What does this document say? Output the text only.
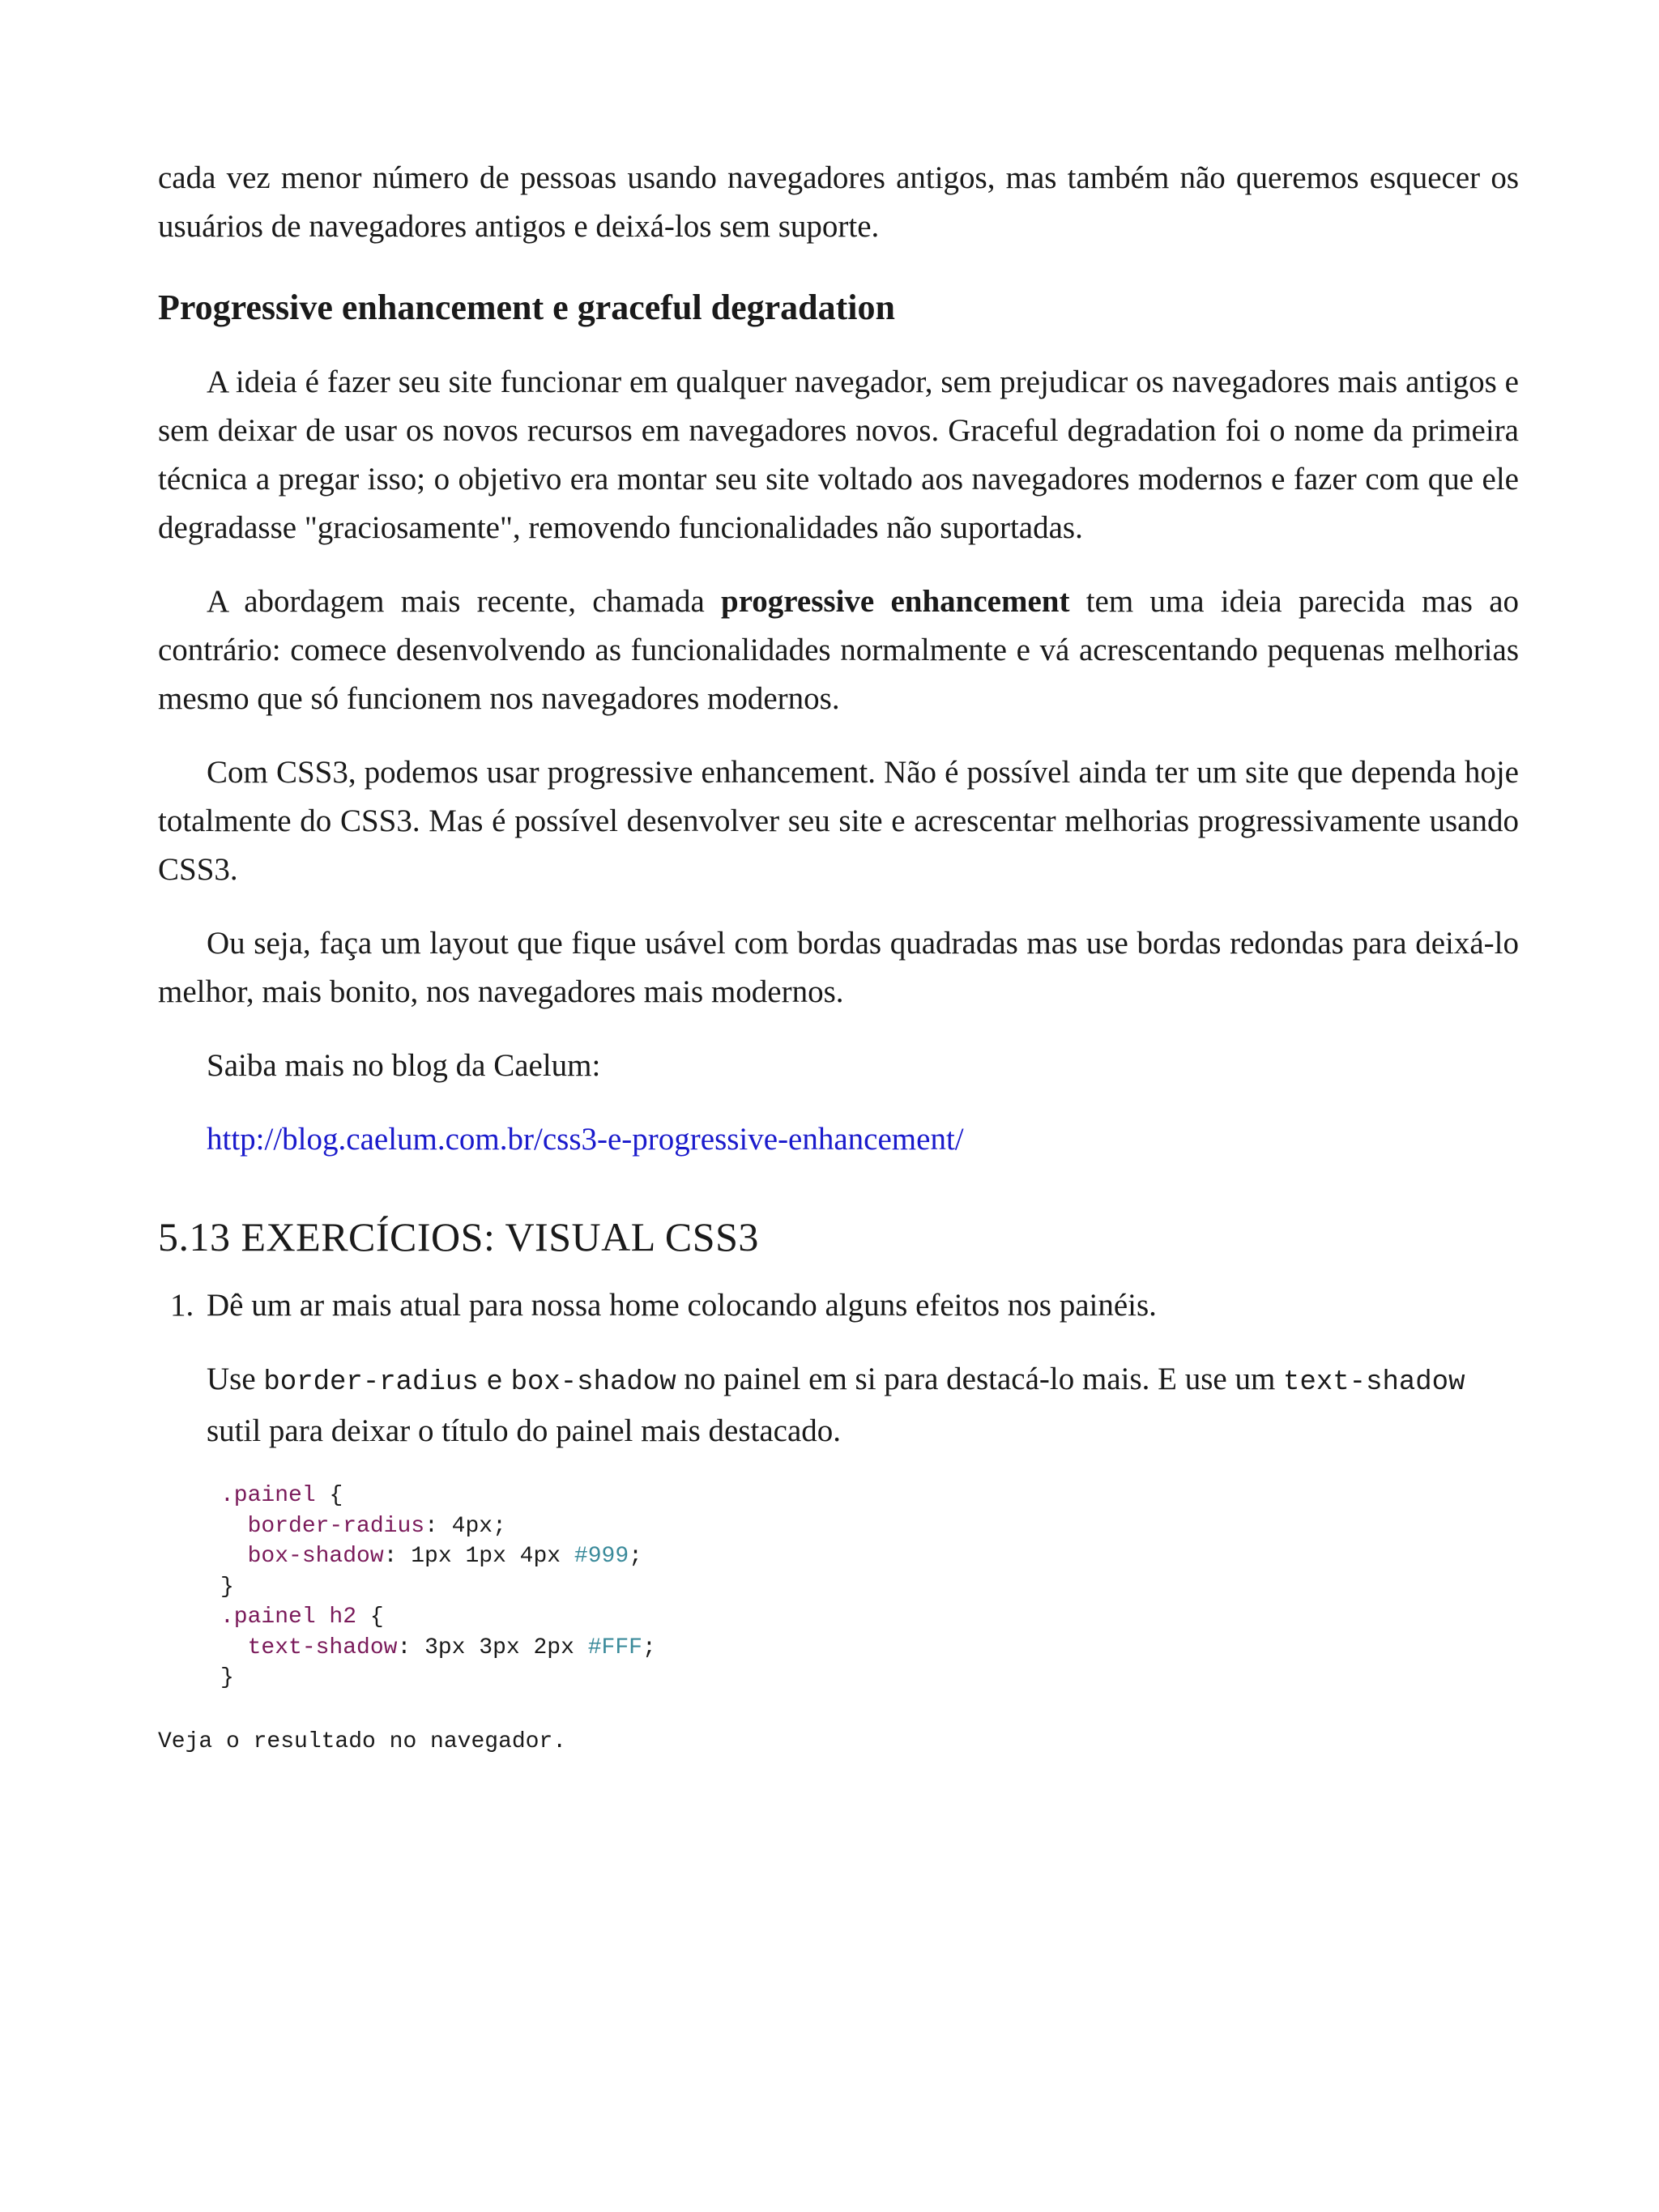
cada vez menor número de pessoas usando navegadores antigos, mas também não queremos esquecer os usuários de navegadores antigos e deixá-los sem suporte.

Progressive enhancement e graceful degradation

A ideia é fazer seu site funcionar em qualquer navegador, sem prejudicar os navegadores mais antigos e sem deixar de usar os novos recursos em navegadores novos. Graceful degradation foi o nome da primeira técnica a pregar isso; o objetivo era montar seu site voltado aos navegadores modernos e fazer com que ele degradasse "graciosamente", removendo funcionalidades não suportadas.

A abordagem mais recente, chamada progressive enhancement tem uma ideia parecida mas ao contrário: comece desenvolvendo as funcionalidades normalmente e vá acrescentando pequenas melhorias mesmo que só funcionem nos navegadores modernos.

Com CSS3, podemos usar progressive enhancement. Não é possível ainda ter um site que dependa hoje totalmente do CSS3. Mas é possível desenvolver seu site e acrescentar melhorias progressivamente usando CSS3.

Ou seja, faça um layout que fique usável com bordas quadradas mas use bordas redondas para deixá-lo melhor, mais bonito, nos navegadores mais modernos.

Saiba mais no blog da Caelum:

http://blog.caelum.com.br/css3-e-progressive-enhancement/

5.13 EXERCÍCIOS: VISUAL CSS3
1. Dê um ar mais atual para nossa home colocando alguns efeitos nos painéis.

Use border-radius e box-shadow no painel em si para destacá-lo mais. E use um text-shadow sutil para deixar o título do painel mais destacado.

.painel {
border-radius: 4px;
box-shadow: 1px 1px 4px #999;
}
.painel h2 {
text-shadow: 3px 3px 2px #FFF;
}
Veja o resultado no navegador.
